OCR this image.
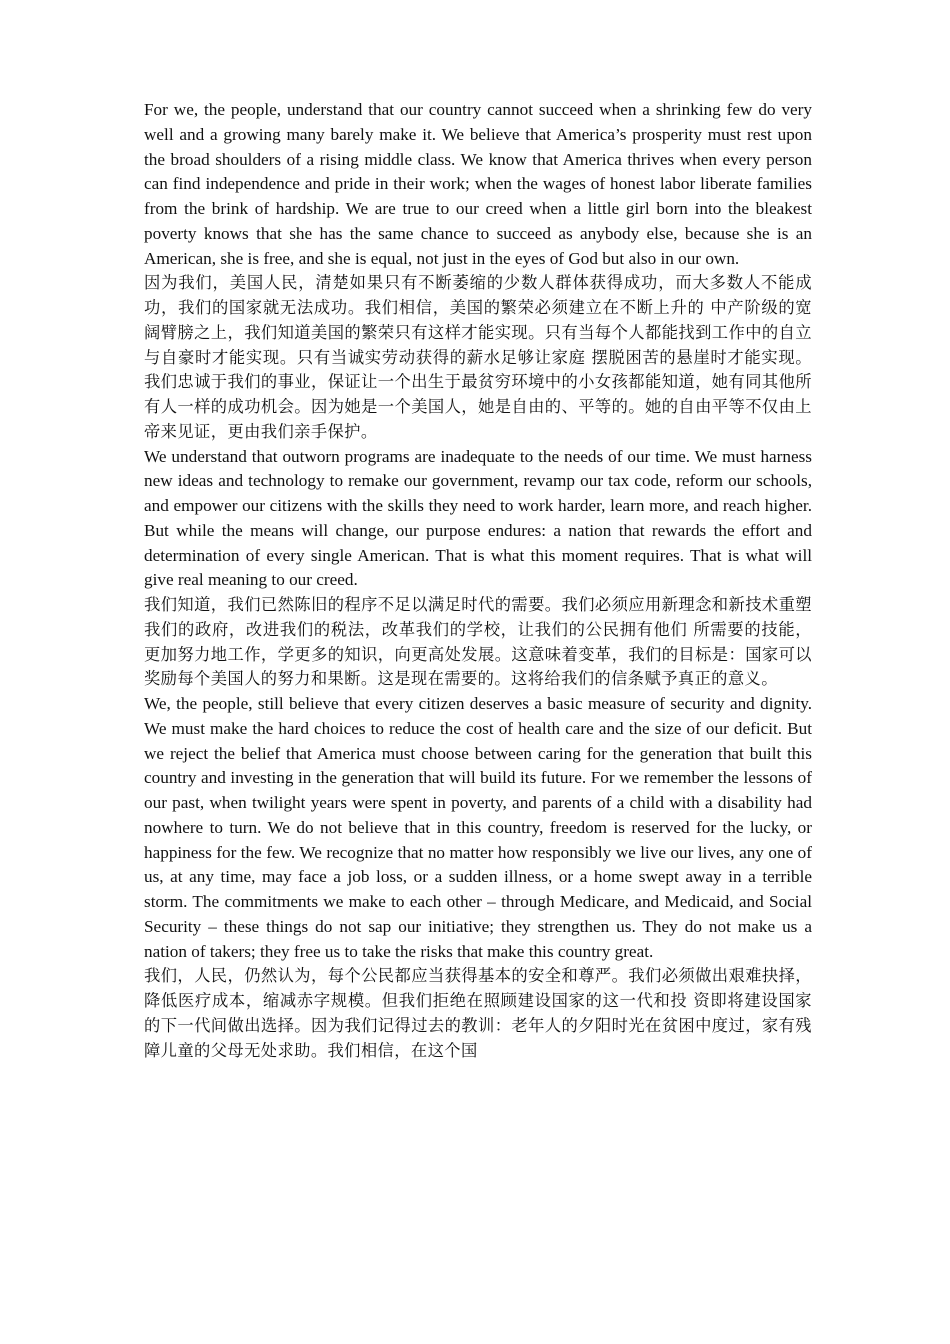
For we, the people, understand that our country cannot succeed when a shrinking few do very well and a growing many barely make it. We believe that America’s prosperity must rest upon the broad shoulders of a rising middle class. We know that America thrives when every person can find independence and pride in their work; when the wages of honest labor liberate families from the brink of hardship. We are true to our creed when a little girl born into the bleakest poverty knows that she has the same chance to succeed as anybody else, because she is an American, she is free, and she is equal, not just in the eyes of God but also in our own.

因为我们，美国人民，清楚如果只有不断萎缩的少数人群体获得成功，而大多数人不能成功，我们的国家就无法成功。我们相信，美国的繁荣必须建立在不断上升的 中产阶级的宽阔臂膀之上，我们知道美国的繁荣只有这样才能实现。只有当每个人都能找到工作中的自立与自豪时才能实现。只有当诚实劳动获得的薪水足够让家庭 摆脱困苦的悬崖时才能实现。我们忠诚于我们的事业，保证让一个出生于最贫穷环境中的小女孩都能知道，她有同其他所有人一样的成功机会。因为她是一个美国人，她是自由的、平等的。她的自由平等不仅由上帝来见证，更由我们亲手保护。

We understand that outworn programs are inadequate to the needs of our time. We must harness new ideas and technology to remake our government, revamp our tax code, reform our schools, and empower our citizens with the skills they need to work harder, learn more, and reach higher. But while the means will change, our purpose endures: a nation that rewards the effort and determination of every single American. That is what this moment requires. That is what will give real meaning to our creed.

我们知道，我们已然陈旧的程序不足以满足时代的需要。我们必须应用新理念和新技术重塑我们的政府，改进我们的税法，改革我们的学校，让我们的公民拥有他们 所需要的技能，更加努力地工作，学更多的知识，向更高处发展。这意味着变革，我们的目标是：国家可以奖励每个美国人的努力和果断。这是现在需要的。这将给我们的信条赋予真正的意义。

We, the people, still believe that every citizen deserves a basic measure of security and dignity. We must make the hard choices to reduce the cost of health care and the size of our deficit. But we reject the belief that America must choose between caring for the generation that built this country and investing in the generation that will build its future. For we remember the lessons of our past, when twilight years were spent in poverty, and parents of a child with a disability had nowhere to turn. We do not believe that in this country, freedom is reserved for the lucky, or happiness for the few. We recognize that no matter how responsibly we live our lives, any one of us, at any time, may face a job loss, or a sudden illness, or a home swept away in a terrible storm. The commitments we make to each other – through Medicare, and Medicaid, and Social Security – these things do not sap our initiative; they strengthen us. They do not make us a nation of takers; they free us to take the risks that make this country great.

我们，人民，仍然认为，每个公民都应当获得基本的安全和尊严。我们必须做出艰难抉择，降低医疗成本，缩减赤字规模。但我们拒绝在照顾建设国家的这一代和投 资即将建设国家的下一代间做出选择。因为我们记得过去的教训：老年人的夕阳时光在贫困中度过，家有残障儿童的父母无处求助。我们相信，在这个国
